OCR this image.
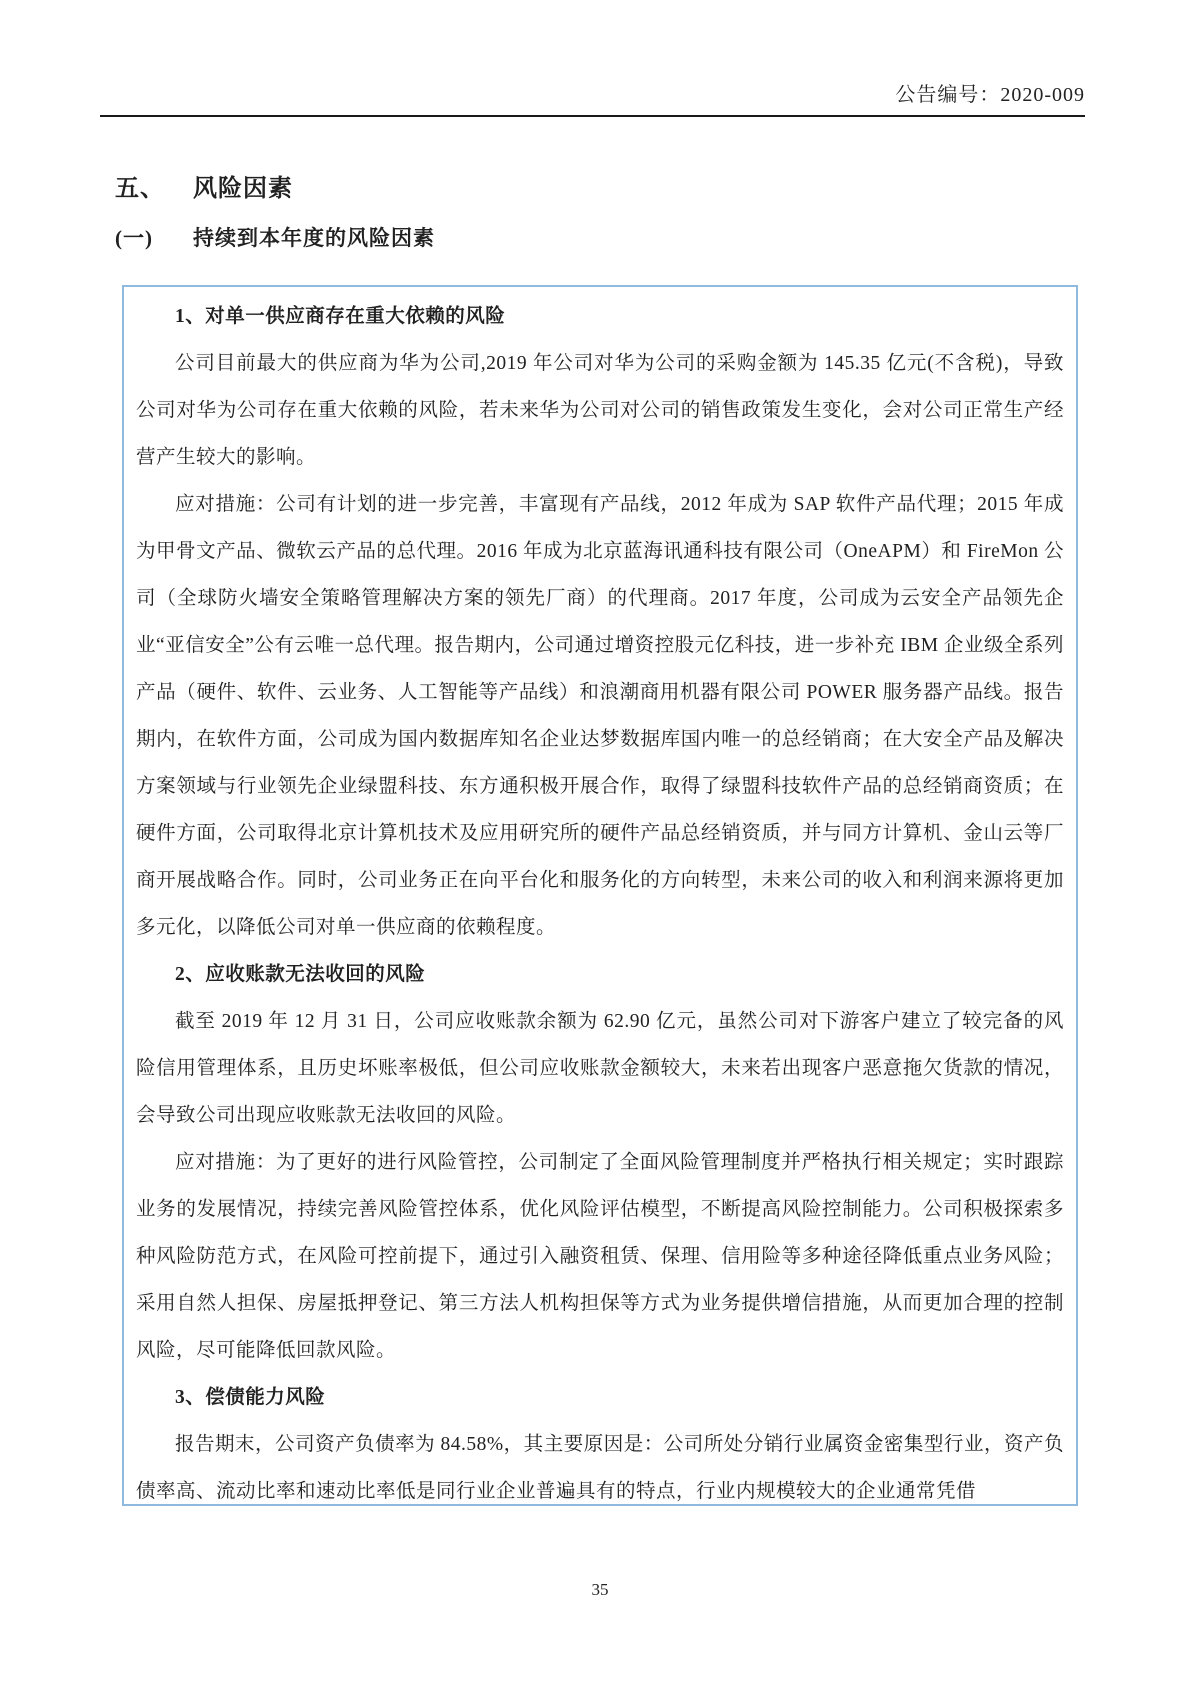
公告编号：2020-009
五、 风险因素
(一) 持续到本年度的风险因素
1、对单一供应商存在重大依赖的风险

公司目前最大的供应商为华为公司,2019 年公司对华为公司的采购金额为 145.35 亿元(不含税)，导致公司对华为公司存在重大依赖的风险，若未来华为公司对公司的销售政策发生变化，会对公司正常生产经营产生较大的影响。

应对措施：公司有计划的进一步完善，丰富现有产品线，2012 年成为 SAP 软件产品代理；2015 年成为甲骨文产品、微软云产品的总代理。2016 年成为北京蓝海讯通科技有限公司（OneAPM）和 FireMon 公司（全球防火墙安全策略管理解决方案的领先厂商）的代理商。2017 年度，公司成为云安全产品领先企业“亚信安全”公有云唯一总代理。报告期内，公司通过增资控股元亿科技，进一步补充 IBM 企业级全系列产品（硬件、软件、云业务、人工智能等产品线）和浪潮商用机器有限公司 POWER 服务器产品线。报告期内，在软件方面，公司成为国内数据库知名企业达梦数据库国内唯一的总经销商；在大安全产品及解决方案领域与行业领先企业绿盟科技、东方通积极开展合作，取得了绿盟科技软件产品的总经销商资质；在硬件方面，公司取得北京计算机技术及应用研究所的硬件产品总经销资质，并与同方计算机、金山云等厂商开展战略合作。同时，公司业务正在向平台化和服务化的方向转型，未来公司的收入和利润来源将更加多元化，以降低公司对单一供应商的依赖程度。

2、应收账款无法收回的风险

截至 2019 年 12 月 31 日，公司应收账款余额为 62.90 亿元，虽然公司对下游客户建立了较完备的风险信用管理体系，且历史坏账率极低，但公司应收账款金额较大，未来若出现客户恶意拖欠货款的情况，会导致公司出现应收账款无法收回的风险。

应对措施：为了更好的进行风险管控，公司制定了全面风险管理制度并严格执行相关规定；实时跟踪业务的发展情况，持续完善风险管控体系，优化风险评估模型，不断提高风险控制能力。公司积极探索多种风险防范方式，在风险可控前提下，通过引入融资租赁、保理、信用险等多种途径降低重点业务风险；采用自然人担保、房屋抵押登记、第三方法人机构担保等方式为业务提供增信措施，从而更加合理的控制风险，尽可能降低回款风险。

3、偿债能力风险

报告期末，公司资产负债率为 84.58%，其主要原因是：公司所处分销行业属资金密集型行业，资产负债率高、流动比率和速动比率低是同行业企业普遍具有的特点，行业内规模较大的企业通常凭借

35
